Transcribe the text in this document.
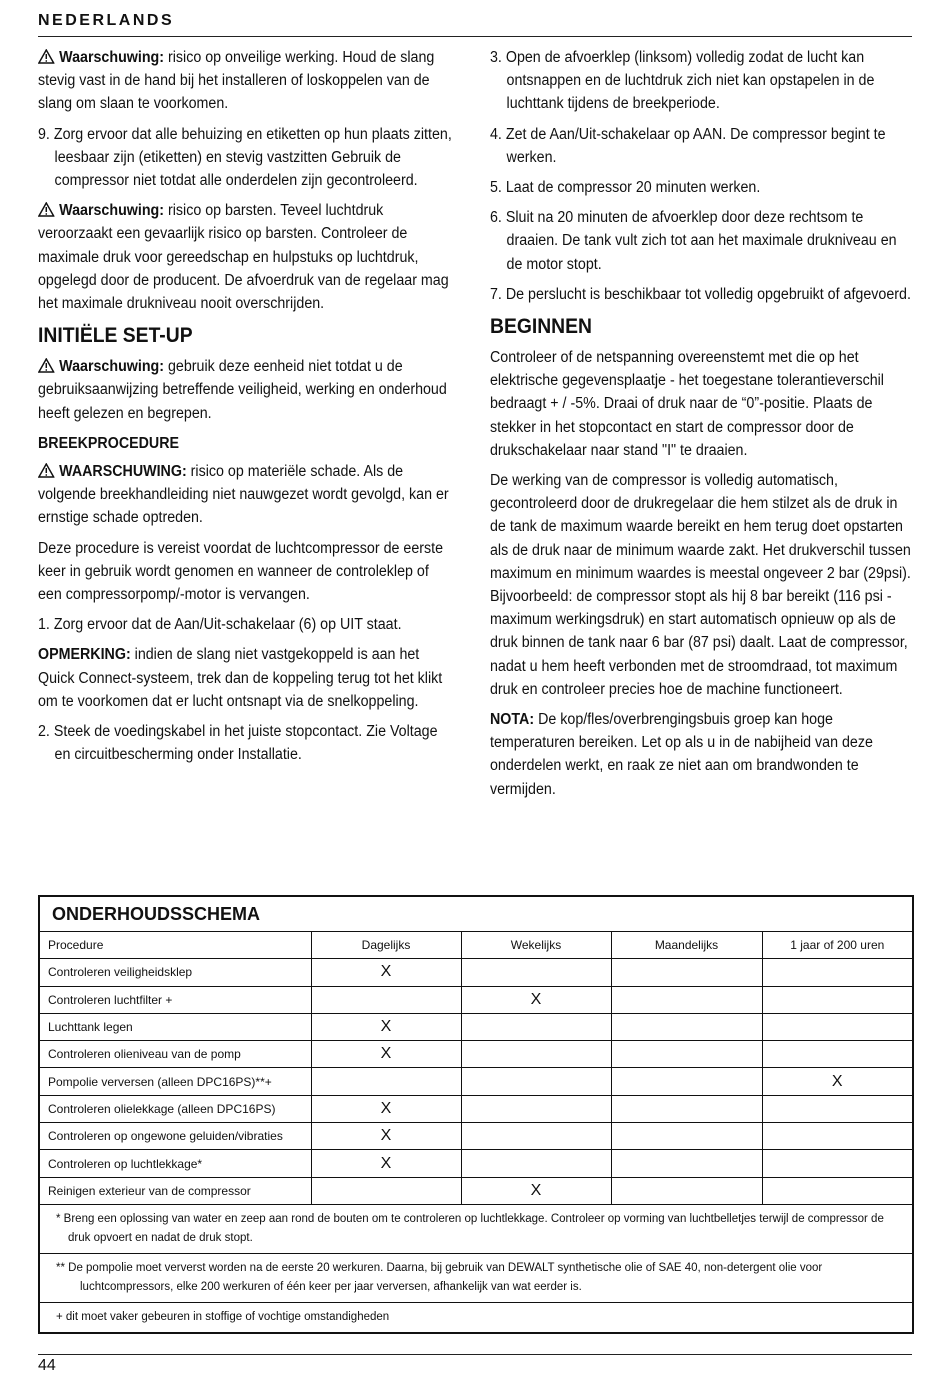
NEDERLANDS

Waarschuwing: risico op onveilige werking. Houd de slang stevig vast in de hand bij het installeren of loskoppelen van de slang om slaan te voorkomen.

9. Zorg ervoor dat alle behuizing en etiketten op hun plaats zitten, leesbaar zijn (etiketten) en stevig vastzitten Gebruik de compressor niet totdat alle onderdelen zijn gecontroleerd.

Waarschuwing: risico op barsten. Teveel luchtdruk veroorzaakt een gevaarlijk risico op barsten. Controleer de maximale druk voor gereedschap en hulpstuks op luchtdruk, opgelegd door de producent. De afvoerdruk van de regelaar mag het maximale drukniveau nooit overschrijden.

INITIËLE SET-UP

Waarschuwing: gebruik deze eenheid niet totdat u de gebruiksaanwijzing betreffende veiligheid, werking en onderhoud heeft gelezen en begrepen.

BREEKPROCEDURE

WAARSCHUWING: risico op materiële schade. Als de volgende breekhandleiding niet nauwgezet wordt gevolgd, kan er ernstige schade optreden.

Deze procedure is vereist voordat de luchtcompressor de eerste keer in gebruik wordt genomen en wanneer de controleklep of een compressorpomp/-motor is vervangen.

1. Zorg ervoor dat de Aan/Uit-schakelaar (6) op UIT staat.

OPMERKING: indien de slang niet vastgekoppeld is aan het Quick Connect-systeem, trek dan de koppeling terug tot het klikt om te voorkomen dat er lucht ontsnapt via de snelkoppeling.

2. Steek de voedingskabel in het juiste stopcontact. Zie Voltage en circuitbescherming onder Installatie.

3. Open de afvoerklep (linksom) volledig zodat de lucht kan ontsnappen en de luchtdruk zich niet kan opstapelen in de luchttank tijdens de breekperiode.

4. Zet de Aan/Uit-schakelaar op AAN. De compressor begint te werken.

5. Laat de compressor 20 minuten werken.

6. Sluit na 20 minuten de afvoerklep door deze rechtsom te draaien. De tank vult zich tot aan het maximale drukniveau en de motor stopt.

7. De perslucht is beschikbaar tot volledig opgebruikt of afgevoerd.

BEGINNEN

Controleer of de netspanning overeenstemt met die op het elektrische gegevensplaatje - het toegestane tolerantieverschil bedraagt + / -5%. Draai of druk naar de “0”-positie. Plaats de stekker in het stopcontact en start de compressor door de drukschakelaar naar stand "I" te draaien.

De werking van de compressor is volledig automatisch, gecontroleerd door de drukregelaar die hem stilzet als de druk in de tank de maximum waarde bereikt en hem terug doet opstarten als de druk naar de minimum waarde zakt. Het drukverschil tussen maximum en minimum waardes is meestal ongeveer 2 bar (29psi). Bijvoorbeeld: de compressor stopt als hij 8 bar bereikt (116 psi - maximum werkingsdruk) en start automatisch opnieuw op als de druk binnen de tank naar 6 bar (87 psi) daalt. Laat de compressor, nadat u hem heeft verbonden met de stroomdraad, tot maximum druk en controleer precies hoe de machine functioneert.

NOTA: De kop/fles/overbrengingsbuis groep kan hoge temperaturen bereiken. Let op als u in de nabijheid van deze onderdelen werkt, en raak ze niet aan om brandwonden te vermijden.

ONDERHOUDSSCHEMA				
Procedure	Dagelijks	Wekelijks	Maandelijks	1 jaar of 200 uren
Controleren veiligheidsklep	X			
Controleren luchtfilter +		X		
Luchttank legen	X			
Controleren olieniveau van de pomp	X			
Pompolie verversen (alleen DPC16PS)**+				X
Controleren olielekkage (alleen DPC16PS)	X			
Controleren op ongewone geluiden/vibraties	X			
Controleren op luchtlekkage*	X			
Reinigen exterieur van de compressor		X		
* Breng een oplossing van water en zeep aan rond de bouten om te controleren op luchtlekkage. Controleer op vorming van luchtbelletjes terwijl de compressor de druk opvoert en nadat de druk stopt.				
** De pompolie moet ververst worden na de eerste 20 werkuren. Daarna, bij gebruik van DEWALT synthetische olie of SAE 40, non-detergent olie voor luchtcompressors, elke 200 werkuren of één keer per jaar verversen, afhankelijk van wat eerder is.				
+ dit moet vaker gebeuren in stoffige of vochtige omstandigheden				
44
